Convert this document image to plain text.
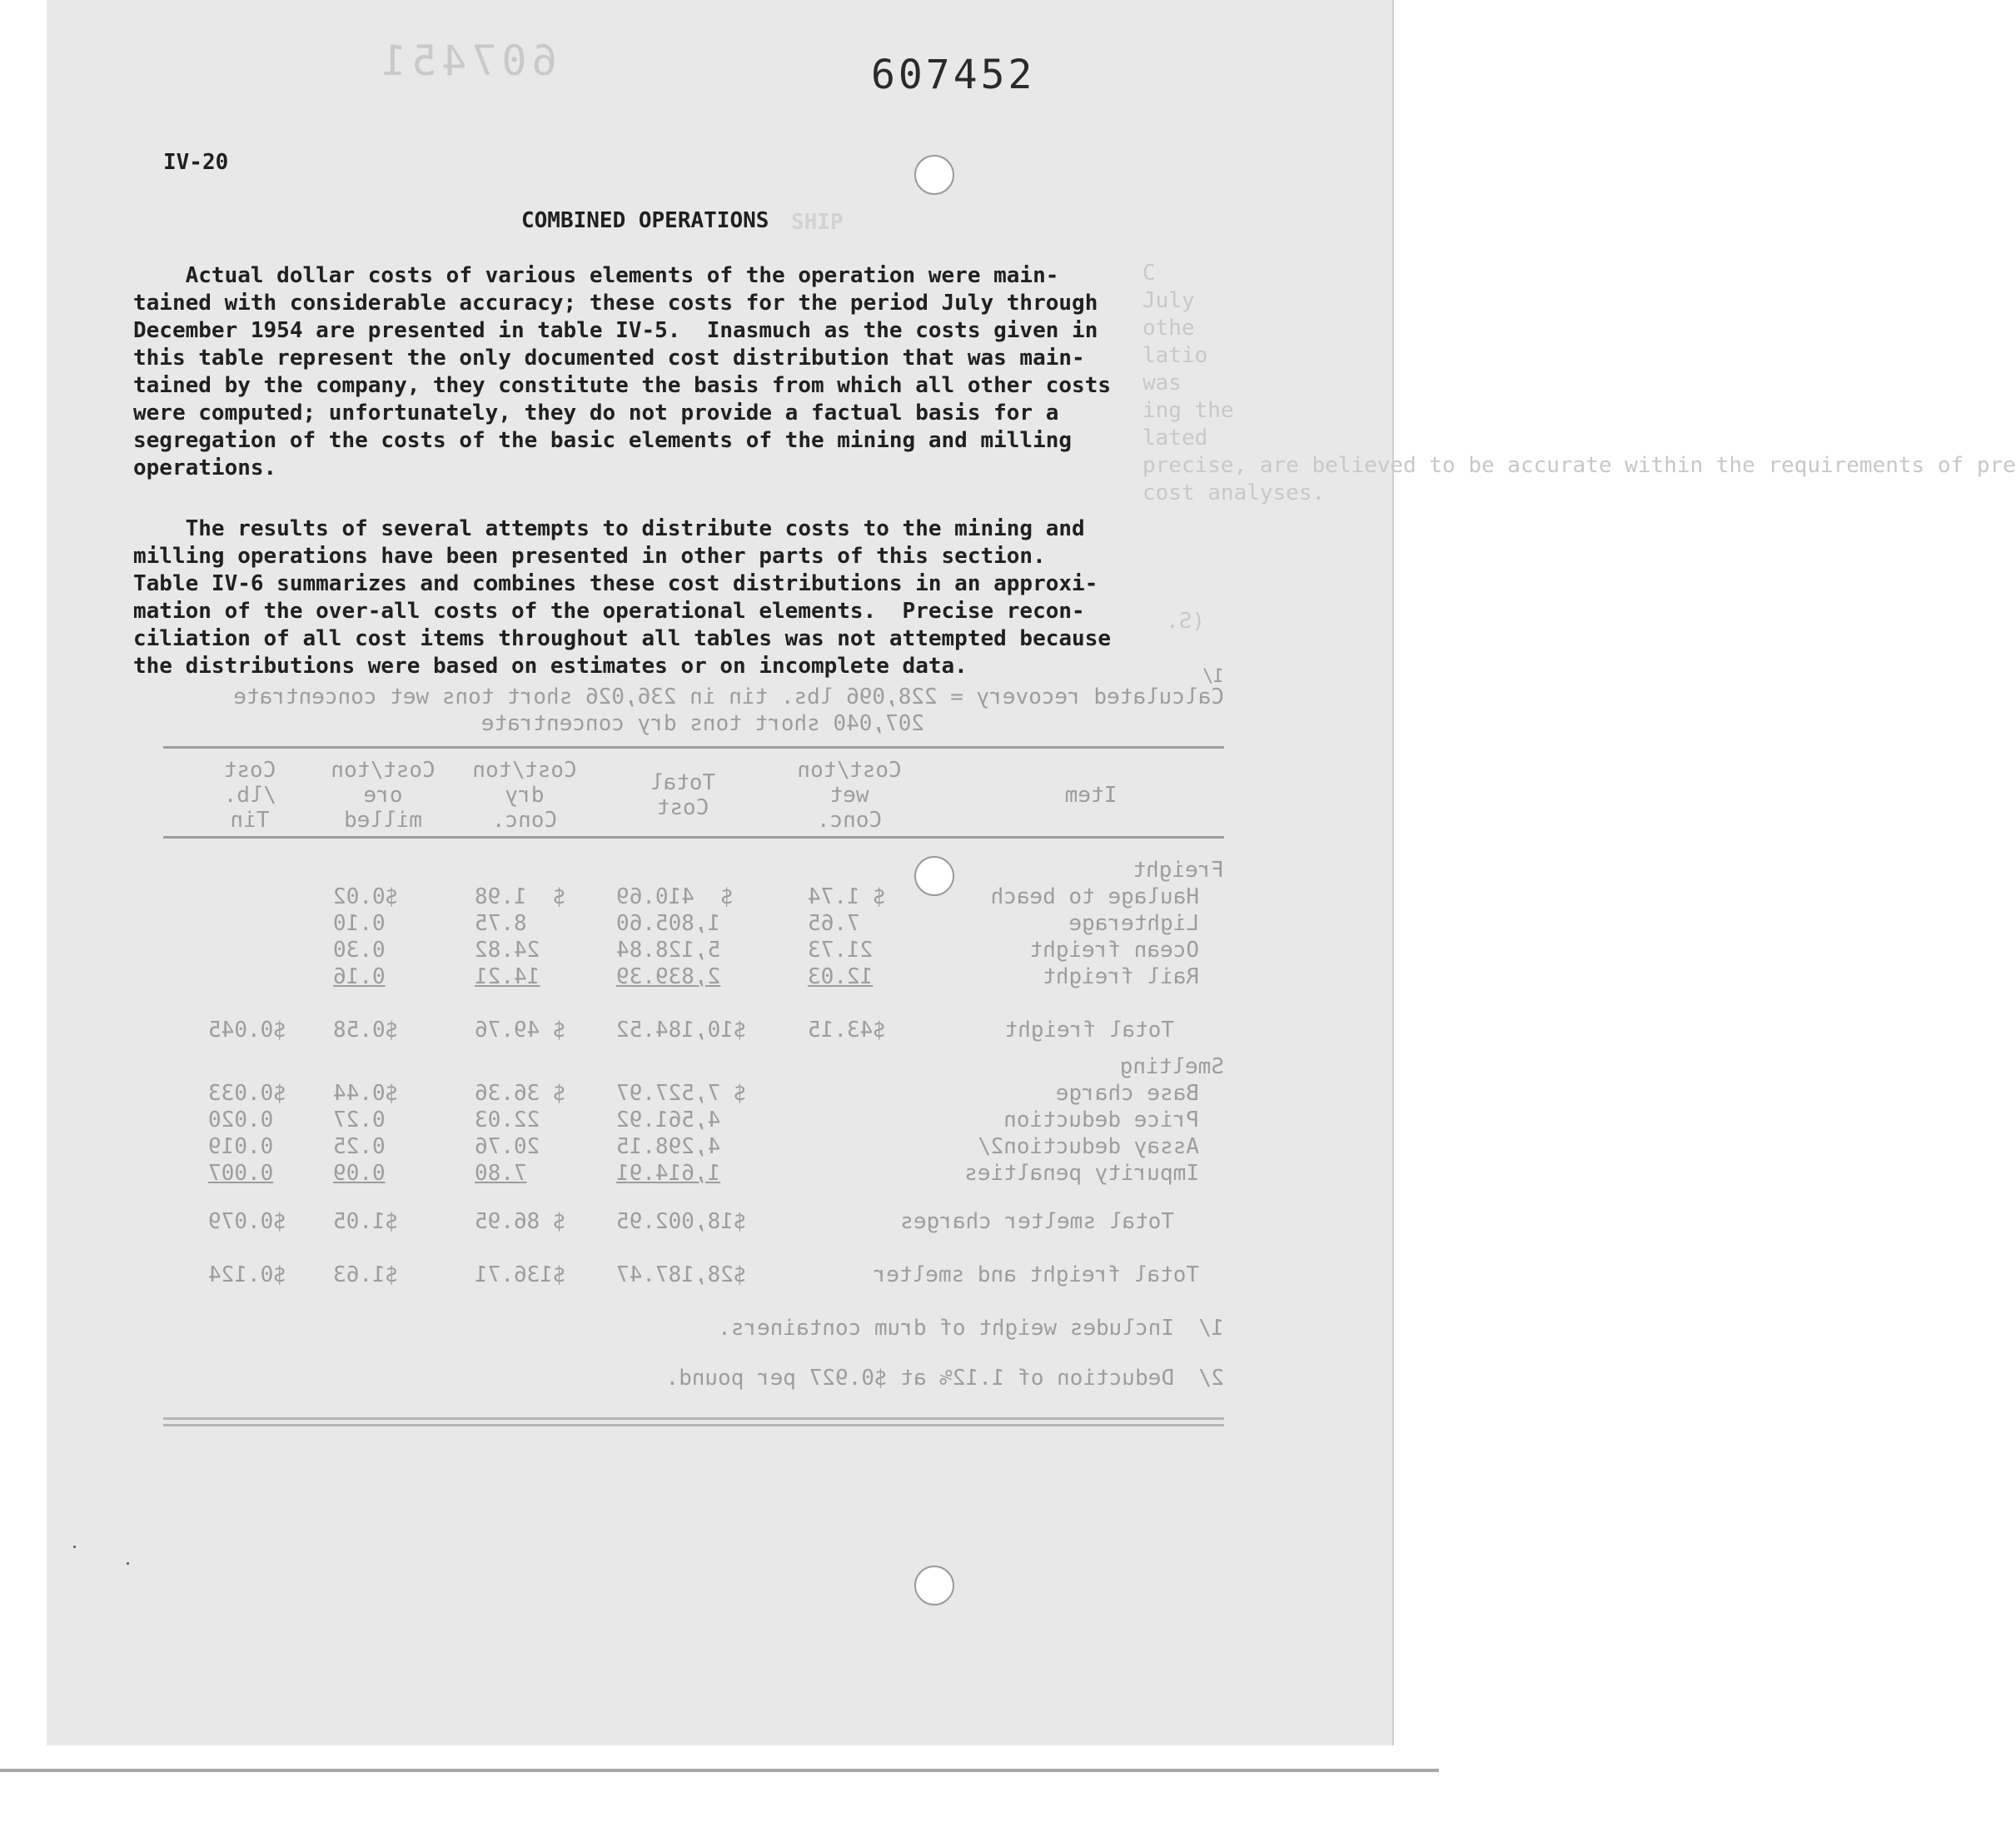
607451	607452
IV-20
SHIP
COMBINED OPERATIONS
C
July
othe
latio
was
ing the
lated
precise, are believed to be accurate within the requirements of pre
cost analyses.

Actual dollar costs of various elements of the operation were main-
tained with considerable accuracy; these costs for the period July through
December 1954 are presented in table IV-5.  Inasmuch as the costs given in
this table represent the only documented cost distribution that was main-
tained by the company, they constitute the basis from which all other costs
were computed; unfortunately, they do not provide a factual basis for a
segregation of the costs of the basic elements of the mining and milling
operations.

The results of several attempts to distribute costs to the mining and
milling operations have been presented in other parts of this section.
Table IV-6 summarizes and combines these cost distributions in an approxi-
mation of the over-all costs of the operational elements.  Precise recon-
ciliation of all cost items throughout all tables was not attempted because
the distributions were based on estimates or on incomplete data.

Calculated recovery = 228,096 lbs. tin in 236,026 short tons wet concentrate
1/
207,040 short tons dry concentrate
Item
Cost/ton
wet
Conc.
Total
Cost
Cost/ton
dry
Conc.
Cost/ton
ore
milled
Cost
/lb.
Tin
Freight
Haulage to beach
$ 1.74
$  410.69
$  1.98
$0.02
Lighterage
7.65
1,805.60
8.75
0.10
Ocean freight
21.73
5,128.84
24.82
0.30
Rail freight
12.03
2,839.39
14.21
0.16
Total freight
$43.15
$10,184.52
$ 49.76
$0.58
$0.045
Smelting
Base charge
$ 7,527.97
$ 36.36
$0.44
$0.033
Price deduction
4,561.92
22.03
0.27
0.020
Assay deduction2/
4,298.15
20.76
0.25
0.019
Impurity penalties
1,614.91
7.80
0.09
0.007
Total smelter charges
$18,002.95
$ 86.95
$1.05
$0.079
Total freight and smelter
$28,187.47
$136.71
$1.63
$0.124
1/
Includes weight of drum containers.
2/
Deduction of 1.12% at $0.927 per pound.
(S.
